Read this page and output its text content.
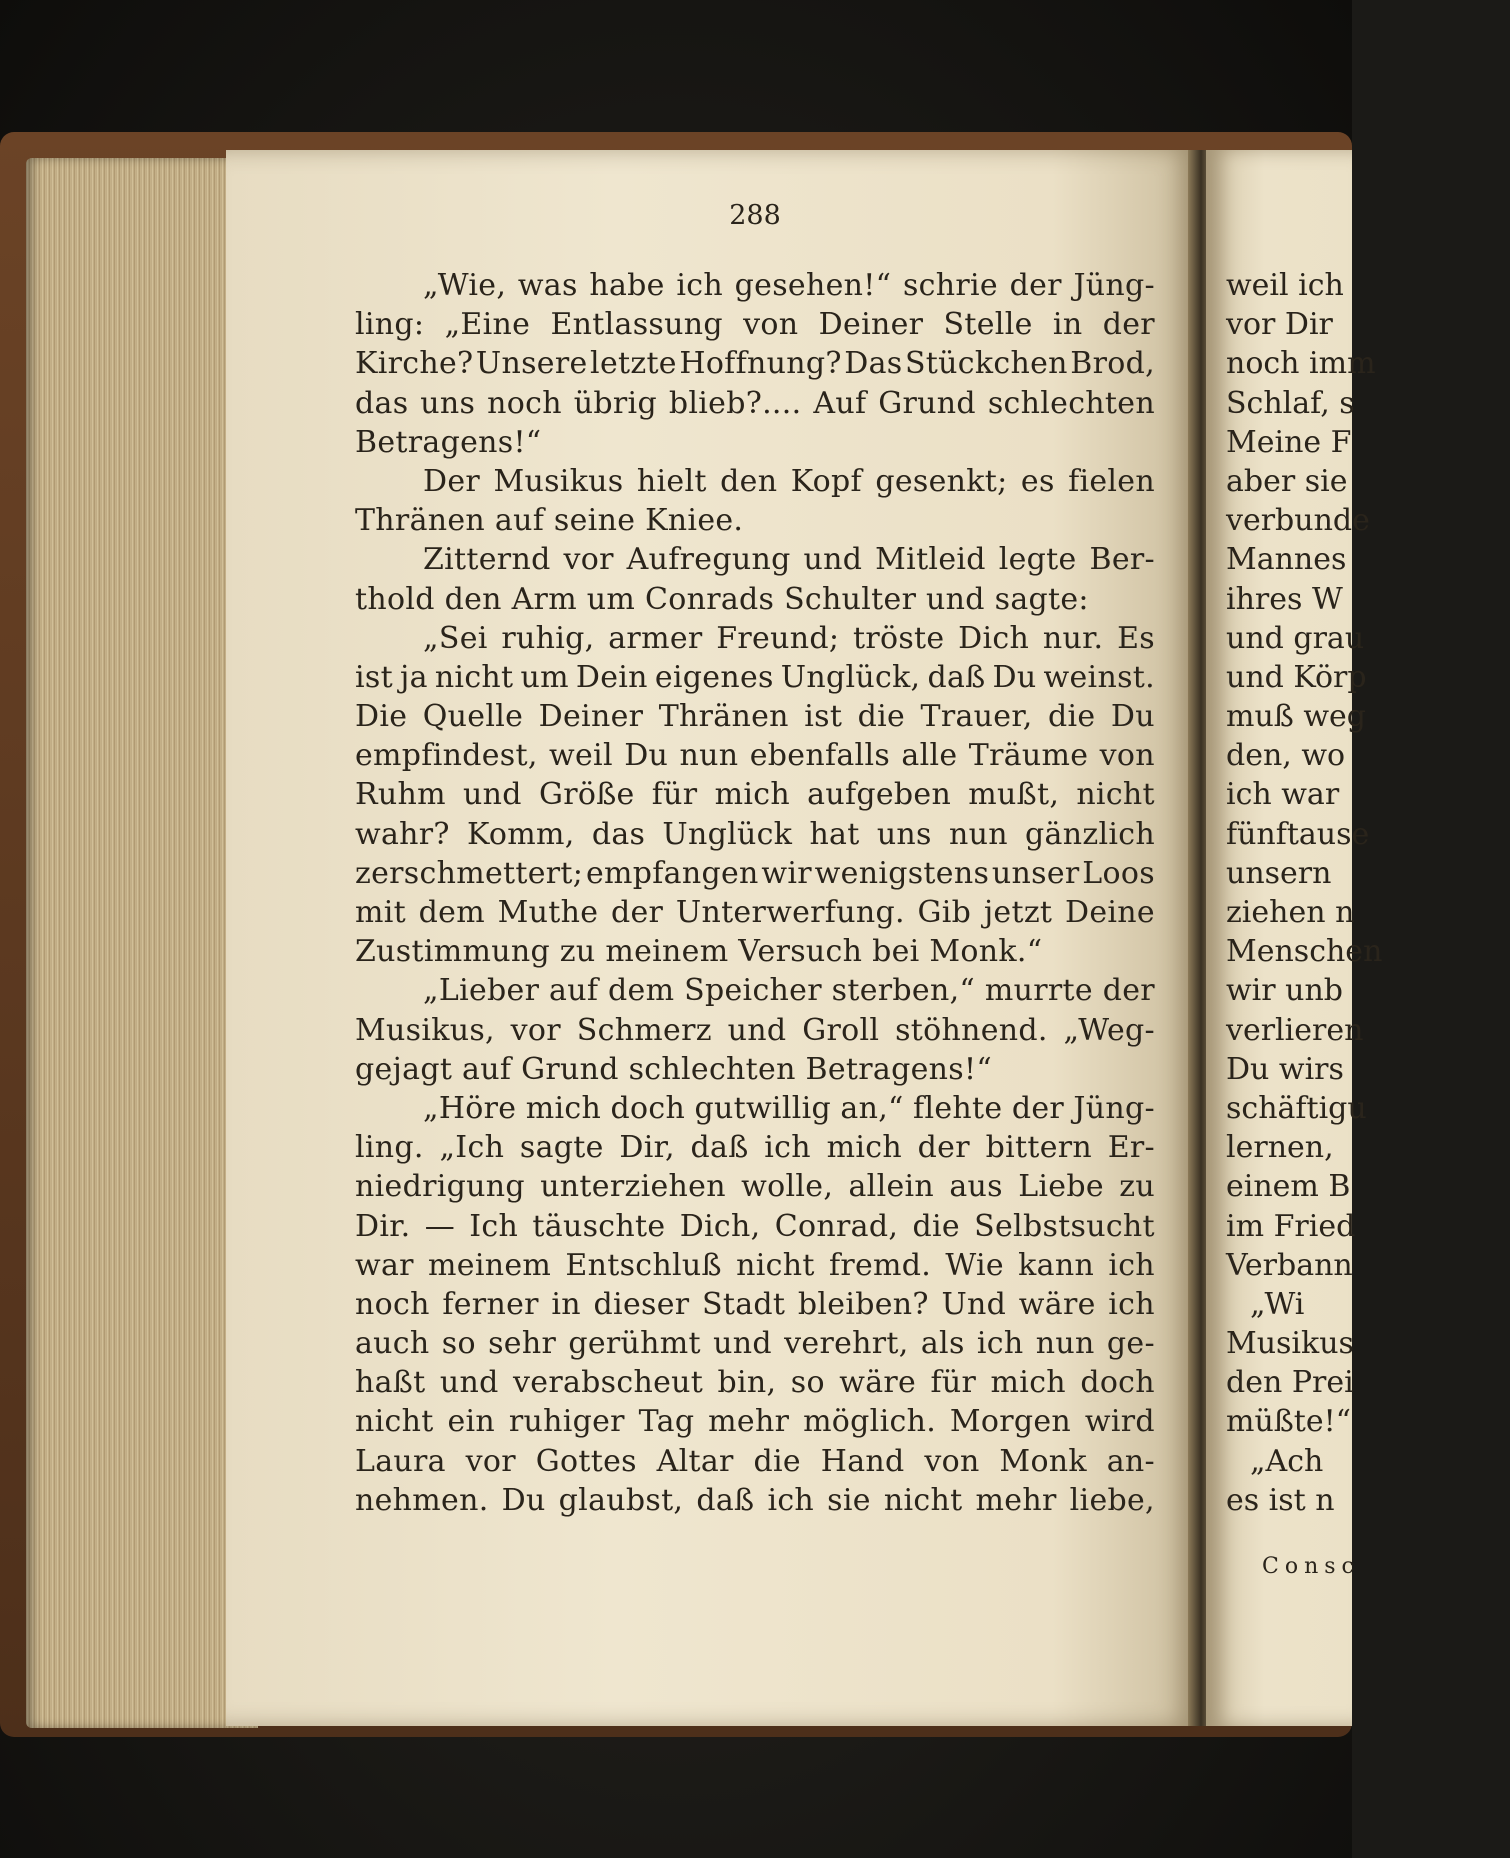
288
„Wie, was habe ich gesehen!“ schrie der Jüng-
ling: „Eine Entlassung von Deiner Stelle in der
Kirche? Unsere letzte Hoffnung? Das Stückchen Brod,
das uns noch übrig blieb?.... Auf Grund schlechten
Betragens!“
Der Musikus hielt den Kopf gesenkt; es fielen
Thränen auf seine Kniee.
Zitternd vor Aufregung und Mitleid legte Ber-
thold den Arm um Conrads Schulter und sagte:
„Sei ruhig, armer Freund; tröste Dich nur. Es
ist ja nicht um Dein eigenes Unglück, daß Du weinst.
Die Quelle Deiner Thränen ist die Trauer, die Du
empfindest, weil Du nun ebenfalls alle Träume von
Ruhm und Größe für mich aufgeben mußt, nicht
wahr? Komm, das Unglück hat uns nun gänzlich
zerschmettert; empfangen wir wenigstens unser Loos
mit dem Muthe der Unterwerfung. Gib jetzt Deine
Zustimmung zu meinem Versuch bei Monk.“
„Lieber auf dem Speicher sterben,“ murrte der
Musikus, vor Schmerz und Groll stöhnend. „Weg-
gejagt auf Grund schlechten Betragens!“
„Höre mich doch gutwillig an,“ flehte der Jüng-
ling. „Ich sagte Dir, daß ich mich der bittern Er-
niedrigung unterziehen wolle, allein aus Liebe zu
Dir. — Ich täuschte Dich, Conrad, die Selbstsucht
war meinem Entschluß nicht fremd. Wie kann ich
noch ferner in dieser Stadt bleiben? Und wäre ich
auch so sehr gerühmt und verehrt, als ich nun ge-
haßt und verabscheut bin, so wäre für mich doch
nicht ein ruhiger Tag mehr möglich. Morgen wird
Laura vor Gottes Altar die Hand von Monk an-
nehmen. Du glaubst, daß ich sie nicht mehr liebe,
weil ich
vor Dir
noch imm
Schlaf, s
Meine F
aber sie
verbunde
Mannes
ihres W
und grau
und Körp
muß weg
den, wo
ich war
fünftause
unsern
ziehen n
Menschen
wir unb
verlieren
Du wirs
schäftigu
lernen,
einem B
im Fried
Verbann
„Wi
Musikus
den Prei
müßte!“
„Ach
es ist n
Consc
